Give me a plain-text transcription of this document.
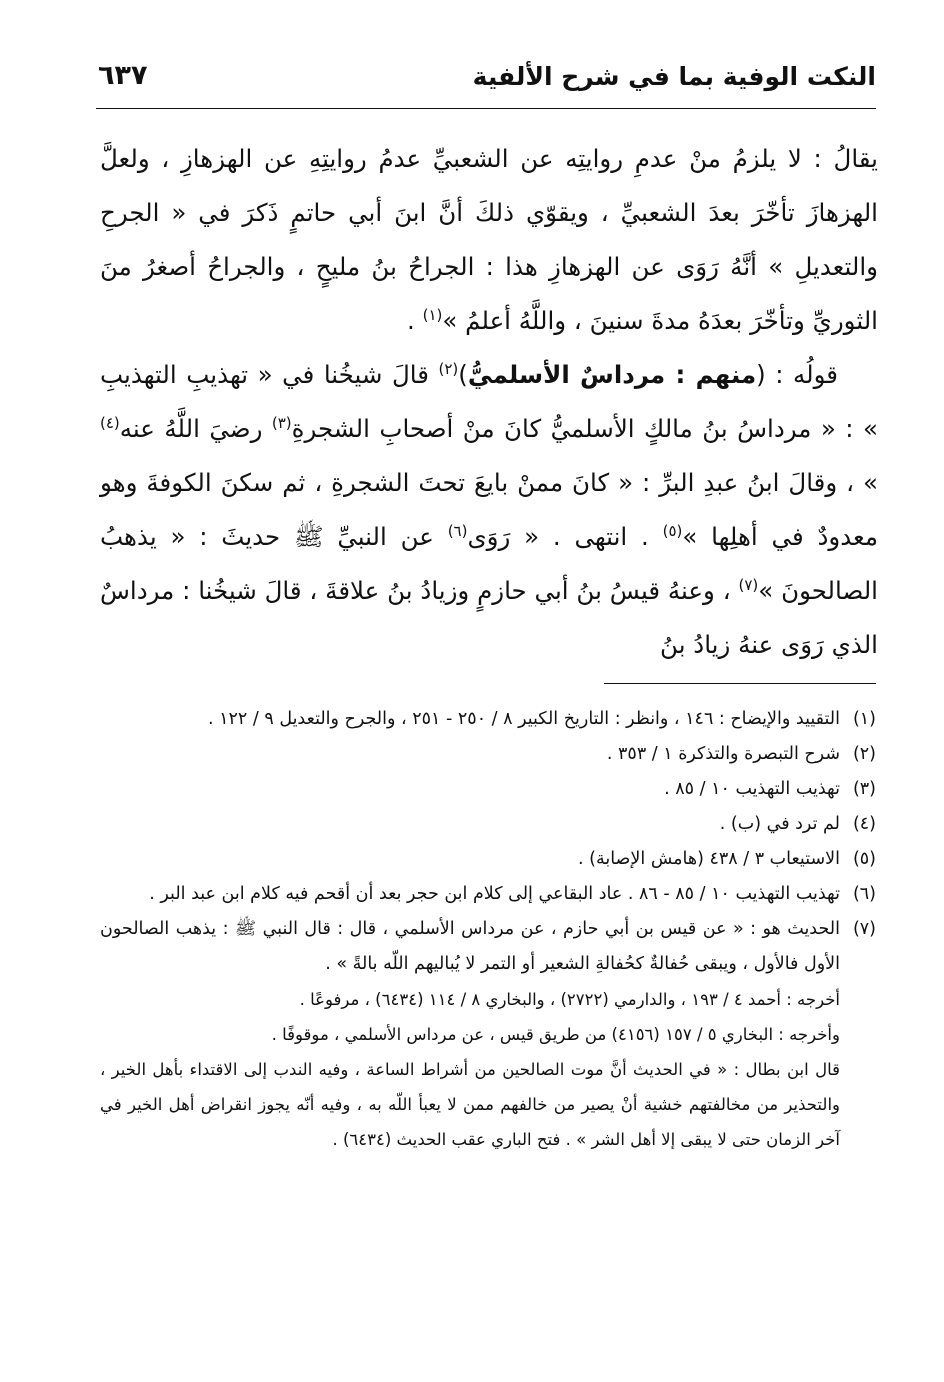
النكت الوفية بما في شرح الألفية
٦٣٧

يقالُ : لا يلزمُ منْ عدمِ روايتِه عن الشعبيِّ عدمُ روايتِهِ عن الهزهازِ ، ولعلَّ الهزهازَ تأخّرَ بعدَ الشعبيِّ ، ويقوّي ذلكَ أنَّ ابنَ أبي حاتمٍ ذَكرَ في « الجرحِ والتعديلِ » أنَّهُ رَوَى عن الهزهازِ هذا : الجراحُ بنُ مليحٍ ، والجراحُ أصغرُ منَ الثوريِّ وتأخّرَ بعدَهُ مدةَ سنينَ ، واللَّهُ أعلمُ »$^{(١)}$ .

قولُه : (منهم : مرداسٌ الأسلميُّ)$^{(٢)}$ قالَ شيخُنا في « تهذيبِ التهذيبِ » : « مرداسُ بنُ مالكٍ الأسلميُّ كانَ منْ أصحابِ الشجرةِ$^{(٣)}$ رضيَ اللَّهُ عنه$^{(٤)}$ » ، وقالَ ابنُ عبدِ البرِّ : « كانَ ممنْ بايعَ تحتَ الشجرةِ ، ثم سكنَ الكوفةَ وهو معدودٌ في أهلِها »$^{(٥)}$ . انتهى . « رَوَى$^{(٦)}$ عن النبيِّ ﷺ حديثَ : « يذهبُ الصالحونَ »$^{(٧)}$ ، وعنهُ قيسُ بنُ أبي حازمٍ وزيادُ بنُ علاقةَ ، قالَ شيخُنا : مرداسٌ الذي رَوَى عنهُ زيادُ بنُ

(١)
التقييد والإيضاح : ١٤٦ ، وانظر : التاريخ الكبير ٨ / ٢٥٠ - ٢٥١ ، والجرح والتعديل ٩ / ١٢٢ .

(٢)
شرح التبصرة والتذكرة ١ / ٣٥٣ .

(٣)
تهذيب التهذيب ١٠ / ٨٥ .

(٤)
لم ترد في (ب) .

(٥)
الاستيعاب ٣ / ٤٣٨ (هامش الإصابة) .

(٦)
تهذيب التهذيب ١٠ / ٨٥ - ٨٦ . عاد البقاعي إلى كلام ابن حجر بعد أن أقحم فيه كلام ابن عبد البر .

(٧)
الحديث هو : « عن قيس بن أبي حازم ، عن مرداس الأسلمي ، قال : قال النبي ﷺ : يذهب الصالحون الأول فالأول ، ويبقى حُفالةٌ كحُفالةِ الشعير أو التمر لا يُباليهم اللّه بالةً » .

أخرجه : أحمد ٤ / ١٩٣ ، والدارمي (٢٧٢٢) ، والبخاري ٨ / ١١٤ (٦٤٣٤) ، مرفوعًا .

وأخرجه : البخاري ٥ / ١٥٧ (٤١٥٦) من طريق قيس ، عن مرداس الأسلمي ، موقوفًا .

قال ابن بطال : « في الحديث أنَّ موت الصالحين من أشراط الساعة ، وفيه الندب إلى الاقتداء بأهل الخير ، والتحذير من مخالفتهم خشية أنْ يصير من خالفهم ممن لا يعبأ اللّه به ، وفيه أنّه يجوز انقراض أهل الخير في آخر الزمان حتى لا يبقى إلا أهل الشر » . فتح الباري عقب الحديث (٦٤٣٤) .
